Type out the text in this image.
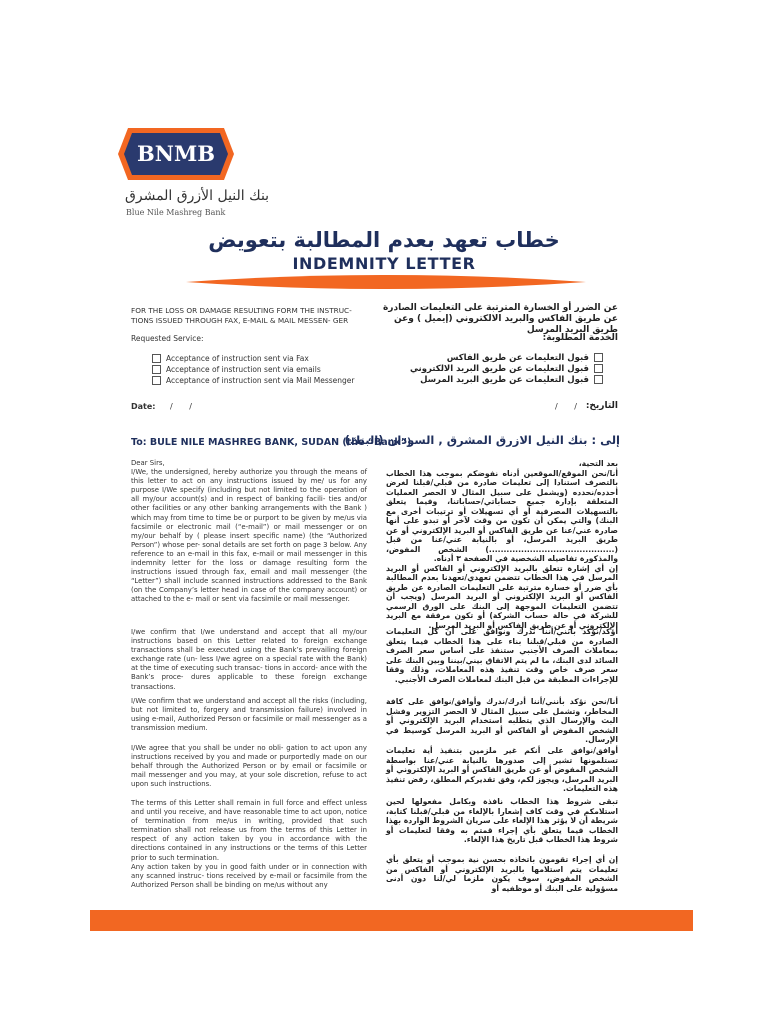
BNMB
بنك النيل الأزرق المشرق
Blue Nile Mashreg Bank
خطاب تعهد بعدم المطالبة بتعويض
INDEMNITY LETTER
FOR THE LOSS OR DAMAGE RESULTING FORM THE INSTRUC- TIONS ISSUED THROUGH FAX, E-MAIL & MAIL MESSEN- GER
عن الضرر أو الخسارة المترتبة على التعليمات الصادرة عن طريق الفاكس والبريد الالكتروني (إيميل ) وعن طريق البريد المرسل
Requested Service:	الخدمة المطلوبة:
Acceptance of instruction sent via Fax
Acceptance of instruction sent via emails
Acceptance of instruction sent via Mail Messenger
قبول التعليمات عن طريق الفاكس
قبول التعليمات عن طريق البريد الالكتروني
قبول التعليمات عن طريق البريد المرسل
Date: / /	التاريخ:
/ /
To: BULE NILE MASHREG BANK, SUDAN (the “Bank”)
إلى : بنك النيل الازرق المشرق , السودان (البنك)

Dear Sirs,
I/We, the undersigned, hereby authorize you through the means of this letter to act on any instructions issued by me/ us for any purpose I/We specify (including but not limited to the operation of all my/our account(s) and in respect of banking facili- ties and/or other facilities or any other banking arrangements with the Bank ) which may from time to time be or purport to be given by me/us via facsimile or electronic mail (“e-mail”) or mail messenger or on my/our behalf by ( please insert specific name) (the “Authorized Person”) whose per- sonal details are set forth on page 3 below. Any reference to an e-mail in this fax, e-mail or mail messenger in this indemnity letter for the loss or damage resulting form the instructions issued through fax, email and mail messenger (the “Letter”) shall include scanned instructions addressed to the Bank (on the Company’s letter head in case of the company account) or attached to the e- mail or sent via facsimile or mail messenger.

I/we confirm that I/we understand and accept that all my/our instructions based on this Letter related to foreign exchange transactions shall be executed using the Bank’s prevailing foreign exchange rate (un- less I/we agree on a special rate with the Bank) at the time of executing such transac- tions in accord- ance with the Bank’s proce- dures applicable to these foreign exchange transactions.

I/We confirm that we understand and accept all the risks (including, but not limited to, forgery and transmission failure) involved in using e-mail, Authorized Person or facsimile or mail messenger as a transmission medium.

I/We agree that you shall be under no obli- gation to act upon any instructions received by you and made or purportedly made on our behalf through the Authorized Person or by email or facsimile or mail messenger and you may, at your sole discretion, refuse to act upon such instructions.

The terms of this Letter shall remain in full force and effect unless and until you receive, and have reasonable time to act upon, notice of termination from me/us in writing, provided that such termination shall not release us from the terms of this Letter in respect of any action taken by you in accordance with the directions contained in any instructions or the terms of this Letter prior to such termination.
Any action taken by you in good faith under or in connection with any scanned instruc- tions received by e-mail or facsimile from the Authorized Person shall be binding on me/us without any

بعد التحية،
أنا/نحن الموقع/الموقعين أدناه نفوضكم بموجب هذا الخطاب بالتصرف استنادا إلى تعليمات صادرة من قبلي/قبلنا لغرض أحدده/نحدده (ويشمل على سبيل المثال لا الحصر العمليات المتعلقة بإدارة جميع حساباتي/حساباتنا، وفيما يتعلق بالتسهيلات المصرفية أو أي تسهيلات أو ترتيبات أخرى مع البنك) والتي يمكن أن تكون من وقت لآخر أو تبدو على أنها صادرة عني/عنا عن طريق الفاكس أو البريد الإلكتروني أو عن طريق البريد المرسل، أو بالنيابة عني/عنا من قبل (...........................................) الشخص المفوض، والمذكورة تفاصيله الشخصية في الصفحة ٣ أدناه.
إن أي إشارة تتعلق بالبريد الإلكتروني أو الفاكس أو البريد المرسل في هذا الخطاب تتضمن تعهدي/تعهدنا بعدم المطالبة بأي ضرر أو خسارة مترتبة على التعليمات الصادرة عن طريق الفاكس أو البريد الإلكتروني أو البريد المرسل (ويجب أن تتضمن التعليمات الموجهة إلى البنك على الورق الرسمي للشركة في حالة حساب الشركة) أو تكون مرفقة مع البريد الإلكتروني أو عن طريق الفاكس أو البريد المرسل.

أؤكد/نؤكد بأنني/أننا ندرك ونوافق على أن كل التعليمات الصادرة من قبلي/قبلنا بناء على هذا الخطاب فيما يتعلق بمعاملات الصرف الأجنبي ستنفذ على أساس سعر الصرف السائد لدى البنك، ما لم يتم الاتفاق بيني/بيننا وبين البنك على سعر صرف خاص وقت تنفيذ هذه المعاملات، وذلك وفقا للإجراءات المطبقة من قبل البنك لمعاملات الصرف الأجنبي.

أنا/نحن نؤكد بأنني/أننا أدرك/ندرك وأوافق/نوافق على كافة المخاطر، وتشمل على سبيل المثال لا الحصر التزوير وفشل البث والإرسال الذي يتطلبه استخدام البريد الإلكتروني أو الشخص المفوض أو الفاكس أو البريد المرسل كوسيط في الإرسال.

أوافق/نوافق على أنكم غير ملزمين بتنفيذ أية تعليمات تستلمونها تشير إلى صدورها بالنيابة عني/عنا بواسطة الشخص المفوض أو عن طريق الفاكس أو البريد الإلكتروني أو البريد المرسل، ويجوز لكم، وفق تقديركم المطلق، رفض تنفيذ هذه التعليمات.

تبقى شروط هذا الخطاب نافذة وبكامل مفعولها لحين استلامكم في وقت كاف إشعارا بالإلغاء من قبلي/قبلنا كتابة، شريطة أن لا يؤثر هذا الإلغاء على سريان الشروط الواردة بهذا الخطاب فيما يتعلق بأي إجراء قمتم به وفقا لتعليمات أو شروط هذا الخطاب قبل تاريخ هذا الإلغاء.

إن أي إجراء تقومون باتخاذه بحسن نية بموجب أو يتعلق بأي تعليمات يتم استلامها بالبريد الإلكتروني أو الفاكس من الشخص المفوض، سوف يكون ملزما لي/لنا دون أدنى مسؤولية على البنك أو موظفيه أو
